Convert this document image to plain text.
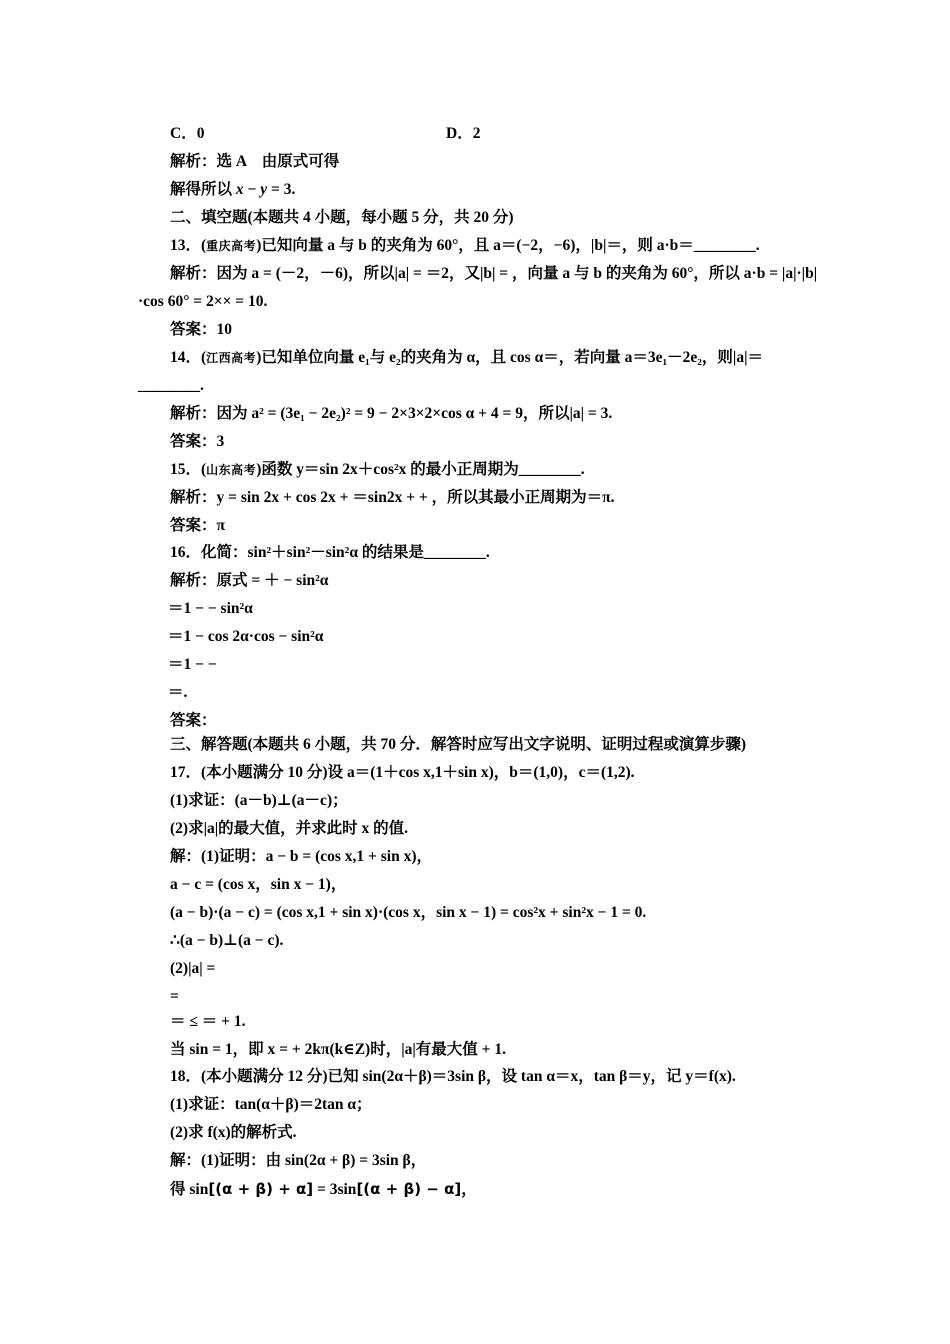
C．0	D．2
解析：选 A　由原式可得
解得所以 x − y = 3.
二、填空题(本题共 4 小题，每小题 5 分，共 20 分)
13．(重庆高考)已知向量 a 与 b 的夹角为 60°，且 a＝(−2，−6)，|b|＝，则 a·b＝________.
解析：因为 a = (－2，－6)，所以|a| = ＝2，又|b| = ，向量 a 与 b 的夹角为 60°，所以 a·b = |a|·|b|
·cos 60° = 2×× = 10.
答案：10
14．(江西高考)已知单位向量 e₁与 e₂的夹角为 α，且 cos α＝，若向量 a＝3e₁－2e₂，则|a|＝
________.
解析：因为 a² = (3e₁ − 2e₂)² = 9 − 2×3×2×cos α + 4 = 9，所以|a| = 3.
答案：3
15．(山东高考)函数 y＝sin 2x＋cos²x 的最小正周期为________.
解析：y = sin 2x + cos 2x + ＝sin2x + + ，所以其最小正周期为＝π.
答案：π
16．化简：sin²＋sin²－sin²α 的结果是________.
解析：原式 = ＋ − sin²α
＝1 − − sin²α
＝1 − cos 2α·cos − sin²α
＝1 − −
＝.
答案：
三、解答题(本题共 6 小题，共 70 分．解答时应写出文字说明、证明过程或演算步骤)
17．(本小题满分 10 分)设 a＝(1＋cos x,1＋sin x)，b＝(1,0)，c＝(1,2).
(1)求证：(a－b)⊥(a－c)；
(2)求|a|的最大值，并求此时 x 的值.
解：(1)证明：a − b = (cos x,1 + sin x)，
a − c = (cos x，sin x − 1)，
(a − b)·(a − c) = (cos x,1 + sin x)·(cos x，sin x − 1) = cos²x + sin²x − 1 = 0.
∴(a − b)⊥(a − c).
(2)|a| =
=
＝ ≤ ＝ + 1.
当 sin = 1，即 x = + 2kπ(k∈Z)时，|a|有最大值 + 1.
18．(本小题满分 12 分)已知 sin(2α＋β)＝3sin β，设 tan α＝x，tan β＝y，记 y＝f(x).
(1)求证：tan(α＋β)＝2tan α；
(2)求 f(x)的解析式.
解：(1)证明：由 sin(2α + β) = 3sin β，
得 sin[(α + β) + α] = 3sin[(α + β) − α]，
